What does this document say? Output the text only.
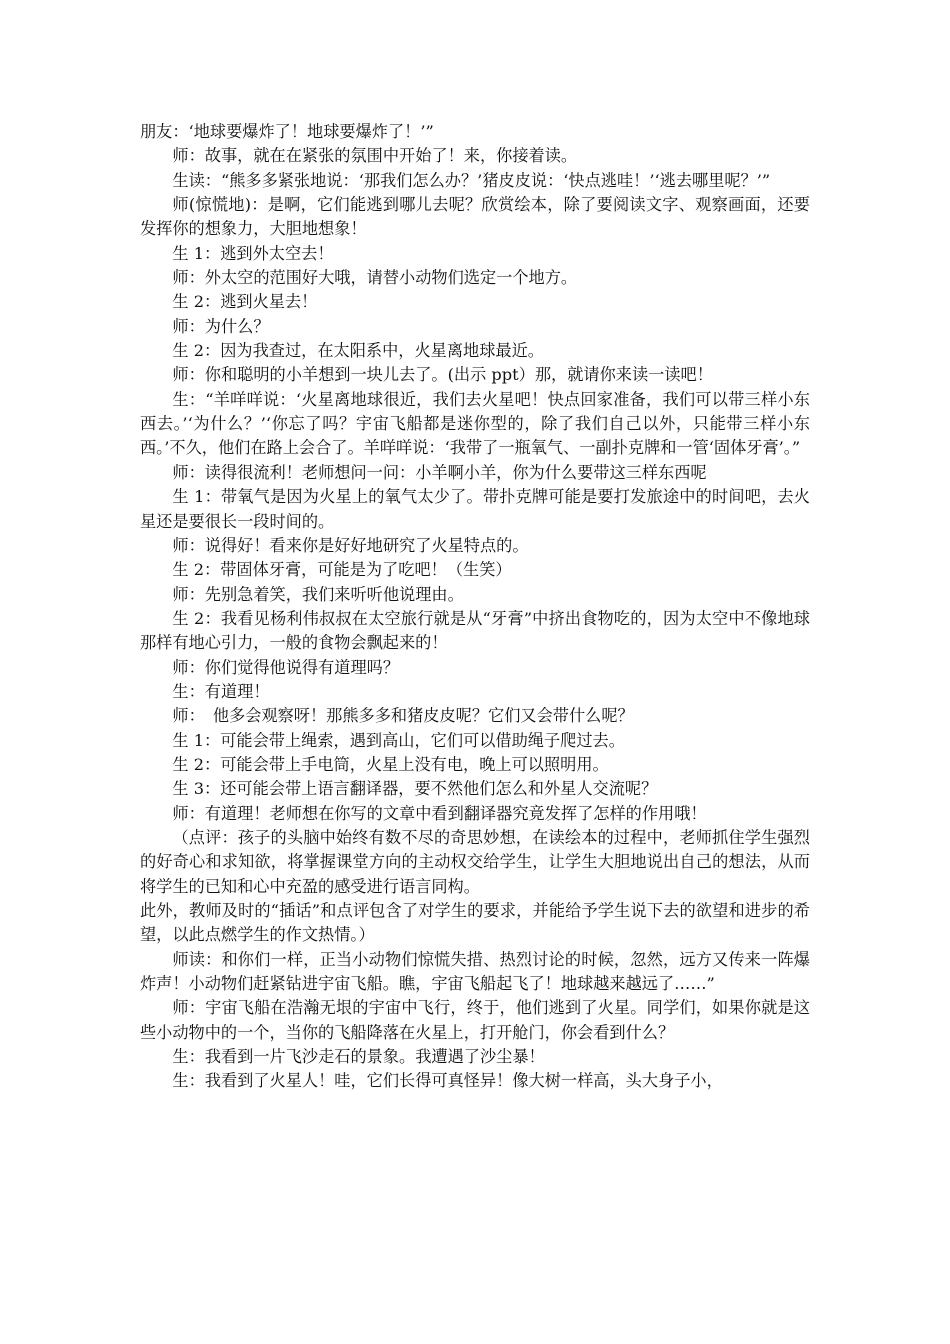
朋友：‘地球要爆炸了！地球要爆炸了！’”

师：故事，就在在紧张的氛围中开始了！来，你接着读。

生读：“熊多多紧张地说：‘那我们怎么办？’猪皮皮说：‘快点逃哇！’‘逃去哪里呢？’”

师(惊慌地)：是啊，它们能逃到哪儿去呢？欣赏绘本，除了要阅读文字、观察画面，还要发挥你的想象力，大胆地想象！

生 1：逃到外太空去！

师：外太空的范围好大哦，请替小动物们选定一个地方。

生 2：逃到火星去！

师：为什么？

生 2：因为我查过，在太阳系中，火星离地球最近。

师：你和聪明的小羊想到一块儿去了。(出示 ppt）那，就请你来读一读吧！

生：“羊咩咩说：‘火星离地球很近，我们去火星吧！快点回家准备，我们可以带三样小东西去。’‘为什么？’‘你忘了吗？宇宙飞船都是迷你型的，除了我们自己以外，只能带三样小东西。’不久，他们在路上会合了。羊咩咩说：‘我带了一瓶氧气、一副扑克牌和一管‘固体牙膏’。”

师：读得很流利！老师想问一问：小羊啊小羊，你为什么要带这三样东西呢

生 1：带氧气是因为火星上的氧气太少了。带扑克牌可能是要打发旅途中的时间吧，去火星还是要很长一段时间的。

师：说得好！看来你是好好地研究了火星特点的。

生 2：带固体牙膏，可能是为了吃吧！（生笑）

师：先别急着笑，我们来听听他说理由。

生 2：我看见杨利伟叔叔在太空旅行就是从“牙膏”中挤出食物吃的，因为太空中不像地球那样有地心引力，一般的食物会飘起来的！

师：你们觉得他说得有道理吗？

生：有道理！

师：　他多会观察呀！那熊多多和猪皮皮呢？它们又会带什么呢？

生 1：可能会带上绳索，遇到高山，它们可以借助绳子爬过去。

生 2：可能会带上手电筒，火星上没有电，晚上可以照明用。

生 3：还可能会带上语言翻译器，要不然他们怎么和外星人交流呢？

师：有道理！老师想在你写的文章中看到翻译器究竟发挥了怎样的作用哦！

（点评：孩子的头脑中始终有数不尽的奇思妙想，在读绘本的过程中，老师抓住学生强烈的好奇心和求知欲，将掌握课堂方向的主动权交给学生，让学生大胆地说出自己的想法，从而将学生的已知和心中充盈的感受进行语言同构。

此外，教师及时的“插话”和点评包含了对学生的要求，并能给予学生说下去的欲望和进步的希望，以此点燃学生的作文热情。）

师读：和你们一样，正当小动物们惊慌失措、热烈讨论的时候，忽然，远方又传来一阵爆炸声！小动物们赶紧钻进宇宙飞船。瞧，宇宙飞船起飞了！地球越来越远了……”

师：宇宙飞船在浩瀚无垠的宇宙中飞行，终于，他们逃到了火星。同学们，如果你就是这些小动物中的一个，当你的飞船降落在火星上，打开舱门，你会看到什么？

生：我看到一片飞沙走石的景象。我遭遇了沙尘暴！

生：我看到了火星人！哇，它们长得可真怪异！像大树一样高，头大身子小，
